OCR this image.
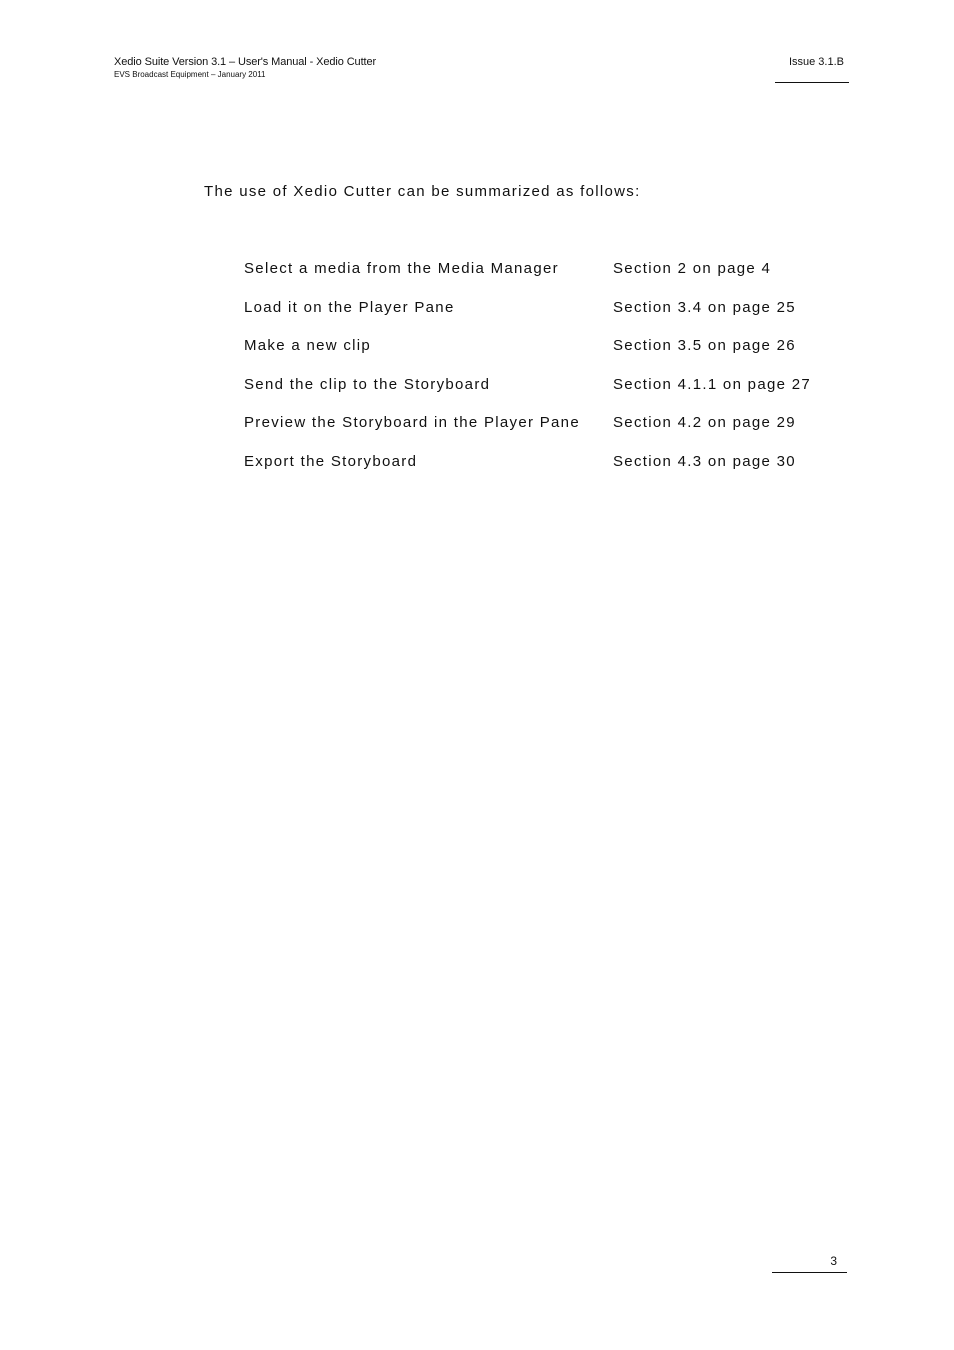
Xedio Suite Version 3.1 – User's Manual - Xedio Cutter
EVS Broadcast Equipment – January 2011
Issue 3.1.B
The use of Xedio Cutter can be summarized as follows:
Select a media from the Media Manager	Section 2 on page 4
Load it on the Player Pane	Section 3.4 on page 25
Make a new clip	Section 3.5 on page 26
Send the clip to the Storyboard	Section 4.1.1 on page 27
Preview the Storyboard in the Player Pane Section 4.2 on page 29
Export the Storyboard	Section 4.3 on page 30
3
